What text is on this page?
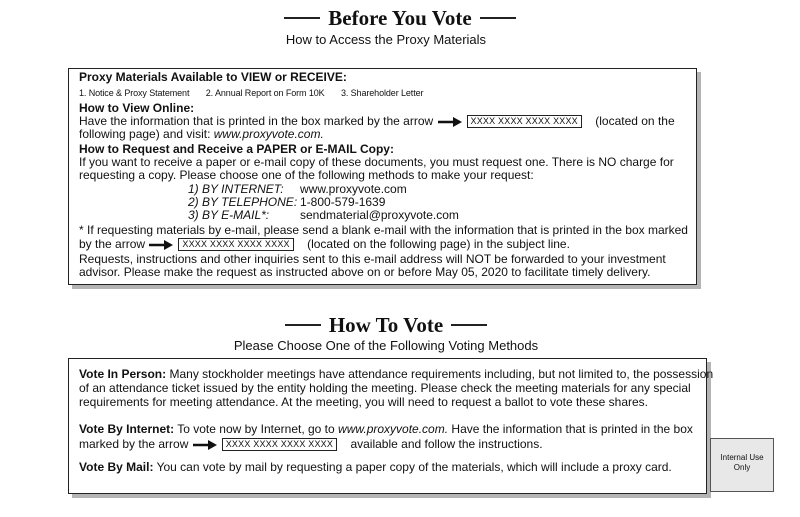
Before You Vote
How to Access the Proxy Materials
Proxy Materials Available to VIEW or RECEIVE:
1. Notice & Proxy Statement 2. Annual Report on Form 10K 3. Shareholder Letter
How to View Online:
Have the information that is printed in the box marked by the arrow	XXXX XXXX XXXX XXXX (located on the
following page) and visit: www.proxyvote.com.
How to Request and Receive a PAPER or E-MAIL Copy:
If you want to receive a paper or e-mail copy of these documents, you must request one. There is NO charge for
requesting a copy. Please choose one of the following methods to make your request:
1) BY INTERNET: www.proxyvote.com
2) BY TELEPHONE: 1-800-579-1639
3) BY E-MAIL*:	sendmaterial@proxyvote.com
* If requesting materials by e-mail, please send a blank e-mail with the information that is printed in the box marked
by the arrow	XXXX XXXX XXXX XXXX (located on the following page) in the subject line.
Requests, instructions and other inquiries sent to this e-mail address will NOT be forwarded to your investment
advisor. Please make the request as instructed above on or before May 05, 2020 to facilitate timely delivery.
How To Vote
Please Choose One of the Following Voting Methods
Vote In Person: Many stockholder meetings have attendance requirements including, but not limited to, the possession
of an attendance ticket issued by the entity holding the meeting. Please check the meeting materials for any special
requirements for meeting attendance. At the meeting, you will need to request a ballot to vote these shares.
Vote By Internet: To vote now by Internet, go to www.proxyvote.com. Have the information that is printed in the box
marked by the arrow	XXXX XXXX XXXX XXXX available and follow the instructions.
Vote By Mail: You can vote by mail by requesting a paper copy of the materials, which will include a proxy card.
Internal Use
Only
